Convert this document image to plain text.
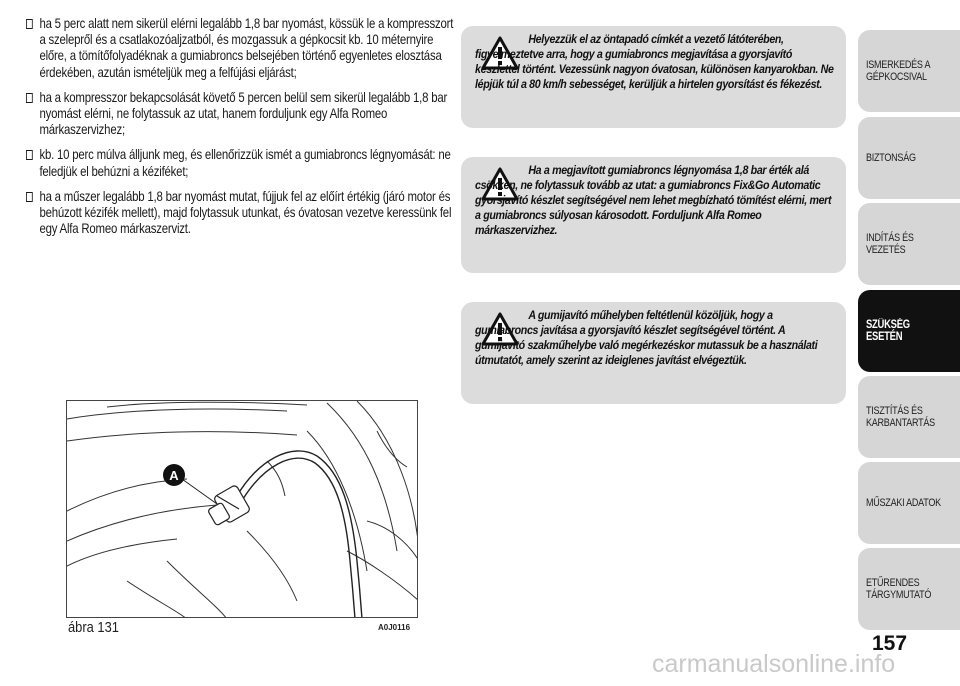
ha 5 perc alatt nem sikerül elérni legalább 1,8 bar nyomást, kössük le a kompresszort a szelepről és a csatlakozóaljzatból, és mozgassuk a gépkocsit kb. 10 méternyire előre, a tömítőfolyadéknak a gumiabroncs belsejében történő egyenletes elosztása érdekében, azután ismételjük meg a felfújási eljárást;
ha a kompresszor bekapcsolását követő 5 percen belül sem sikerül legalább 1,8 bar nyomást elérni, ne folytassuk az utat, hanem forduljunk egy Alfa Romeo márkaszervizhez;
kb. 10 perc múlva álljunk meg, és ellenőrizzük ismét a gumiabroncs légnyomását: ne feledjük el behúzni a kéziféket;
ha a műszer legalább 1,8 bar nyomást mutat, fújjuk fel az előírt értékig (járó motor és behúzott kézifék mellett), majd folytassuk utunkat, és óvatosan vezetve keressünk fel egy Alfa Romeo márkaszervizt.
Helyezzük el az öntapadó címkét a vezető látóterében, figyelmeztetve arra, hogy a gumiabroncs megjavítása a gyorsjavító készlettel történt. Vezessünk nagyon óvatosan, különösen kanyarokban. Ne lépjük túl a 80 km/h sebességet, kerüljük a hirtelen gyorsítást és fékezést.
Ha a megjavított gumiabroncs légnyomása 1,8 bar érték alá csökken, ne folytassuk tovább az utat: a gumiabroncs Fix&Go Automatic gyorsjavító készlet segítségével nem lehet megbízható tömítést elérni, mert a gumiabroncs súlyosan károsodott. Forduljunk Alfa Romeo márkaszervizhez.
A gumijavító műhelyben feltétlenül közöljük, hogy a gumiabroncs javítása a gyorsjavító készlet segítségével történt. A gumijavító szakműhelybe való megérkezéskor mutassuk be a használati útmutatót, amely szerint az ideiglenes javítást elvégeztük.
A
ábra 131	A0J0116
ISMERKEDÉS A GÉPKOCSIVAL
BIZTONSÁG
INDÍTÁS ÉS VEZETÉS
SZÜKSÉG ESETÉN
TISZTÍTÁS ÉS KARBANTARTÁS
MŰSZAKI ADATOK
ETŰRENDES TÁRGYMUTATÓ
157
carmanualsonline.info
